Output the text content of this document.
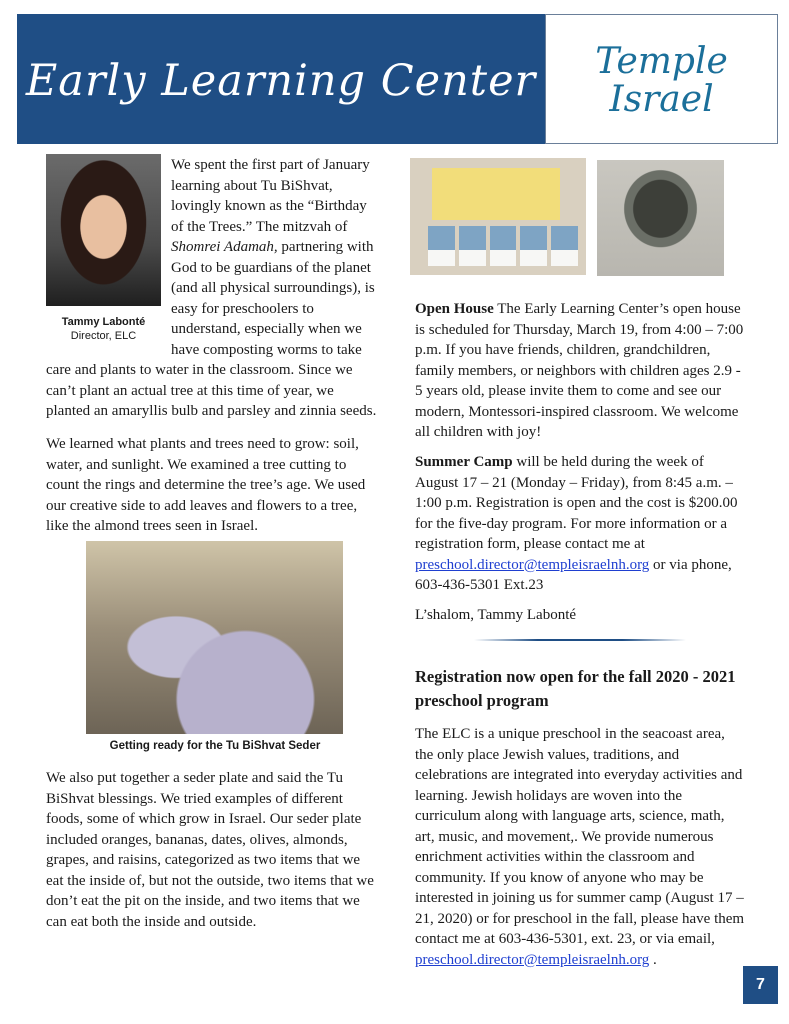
Early Learning Center	Temple
Israel
Tammy Labonté
Director, ELC

We spent the first part of January learning about Tu BiShvat, lovingly known as the “Birthday of the Trees.” The mitzvah of Shomrei Adamah, partnering with God to be guardians of the planet (and all physical surroundings), is easy for preschoolers to understand, especially when we have composting worms to take care and plants to water in the classroom. Since we can’t plant an actual tree at this time of year, we planted an amaryllis bulb and parsley and zinnia seeds.

We learned what plants and trees need to grow: soil, water, and sunlight. We examined a tree cutting to count the rings and determine the tree’s age. We used our creative side to add leaves and flowers to a tree, like the almond trees seen in Israel.

Getting ready for the Tu BiShvat Seder

We also put together a seder plate and said the Tu BiShvat blessings. We tried examples of different foods, some of which grow in Israel. Our seder plate included oranges, bananas, dates, olives, almonds, grapes, and raisins, categorized as two items that we eat the inside of, but not the outside, two items that we don’t eat the pit on the inside, and two items that we can eat both the inside and outside.

Open House The Early Learning Center’s open house is scheduled for Thursday, March 19, from 4:00 – 7:00 p.m. If you have friends, children, grandchildren, family members, or neighbors with children ages 2.9 - 5 years old, please invite them to come and see our modern, Montessori-inspired classroom. We welcome all children with joy!

Summer Camp will be held during the week of August 17 – 21 (Monday – Friday), from 8:45 a.m. – 1:00 p.m. Registration is open and the cost is $200.00 for the five-day program. For more information or a registration form, please contact me at preschool.director@templeisraelnh.org or via phone, 603-436-5301 Ext.23

L’shalom, Tammy Labonté

Registration now open for the fall 2020 - 2021 preschool program

The ELC is a unique preschool in the seacoast area, the only place Jewish values, traditions, and celebrations are integrated into everyday activities and learning. Jewish holidays are woven into the curriculum along with language arts, science, math, art, music, and movement,. We provide numerous enrichment activities within the classroom and community. If you know of anyone who may be interested in joining us for summer camp (August 17 – 21, 2020) or for preschool in the fall, please have them contact me at 603-436-5301, ext. 23, or via email, preschool.director@templeisraelnh.org .

7
